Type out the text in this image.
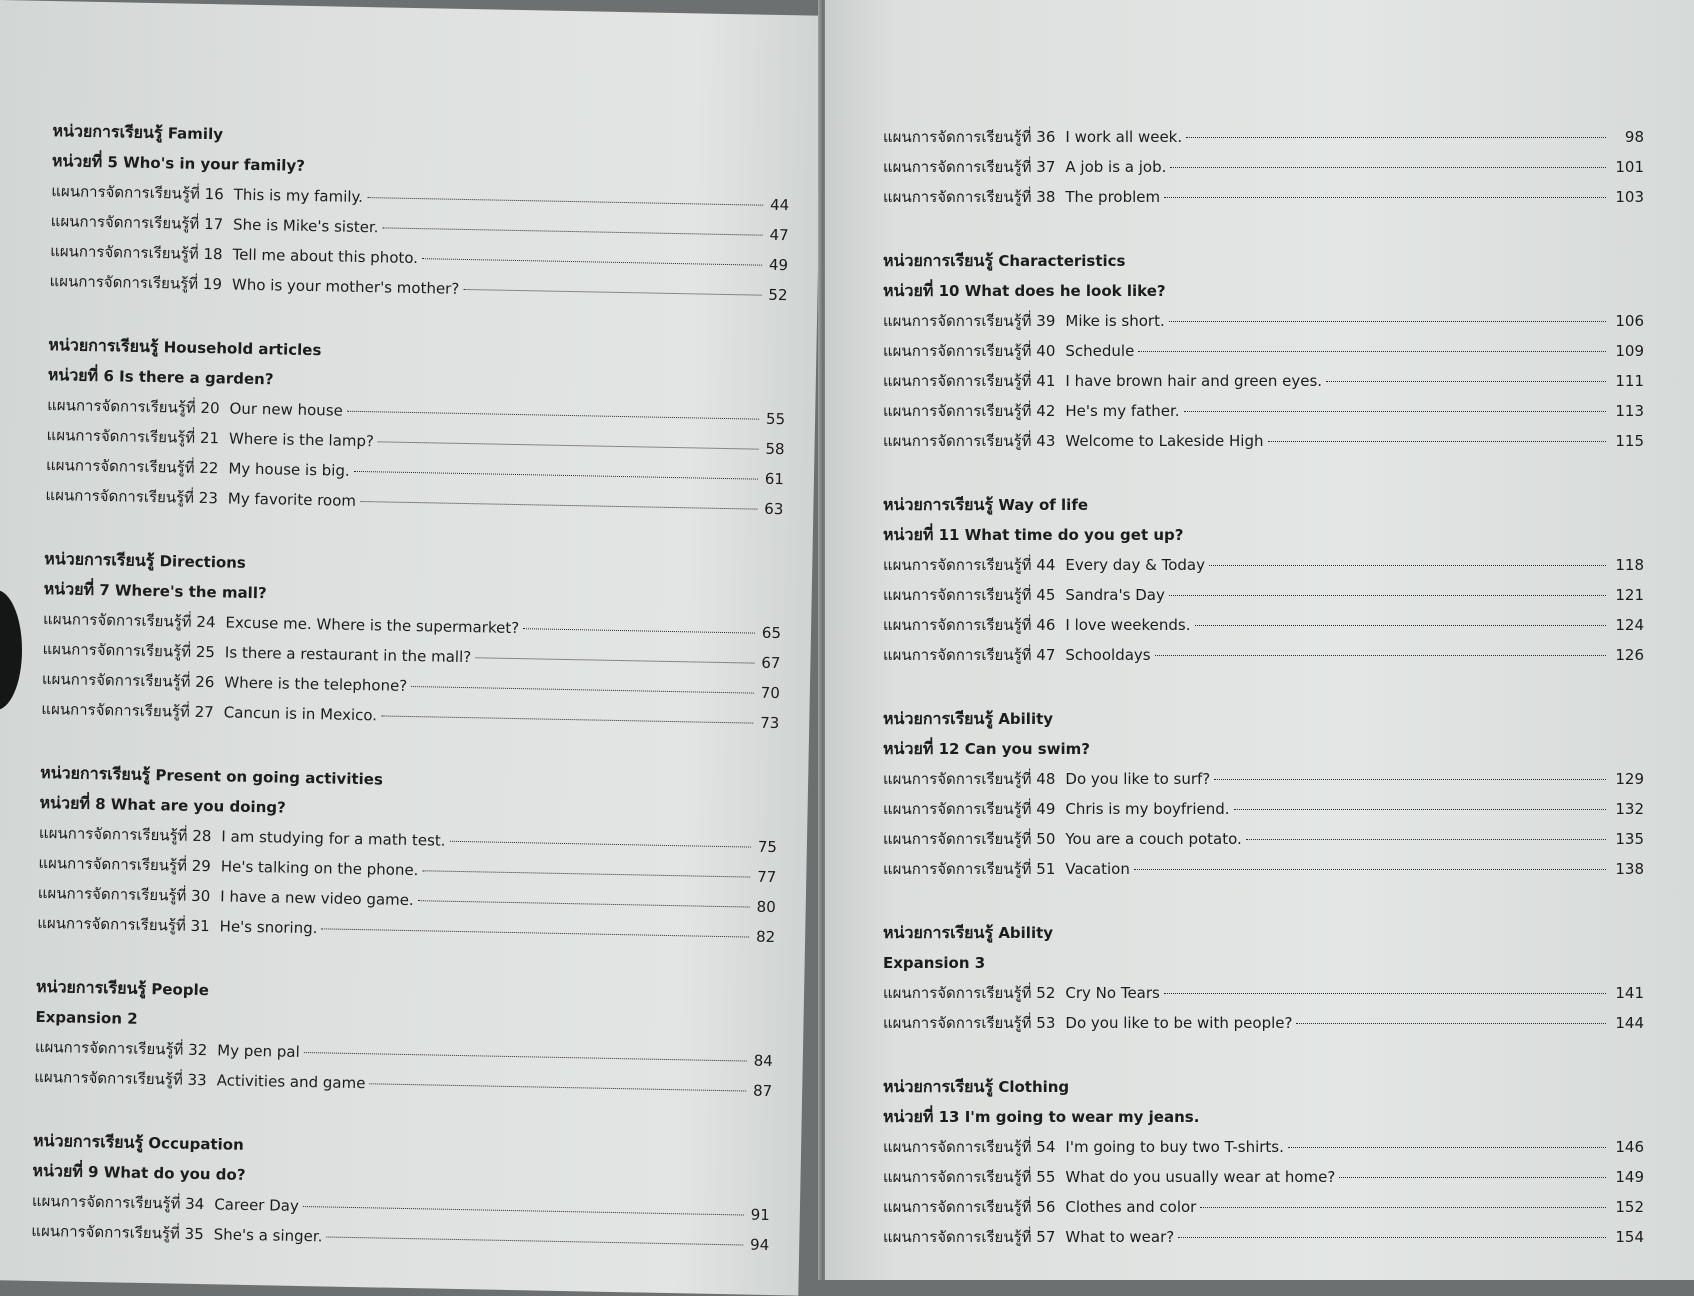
หน่วยการเรียนรู้ Family
หน่วยที่ 5 Who's in your family?
แผนการจัดการเรียนรู้ที่ 16 This is my family.	44
แผนการจัดการเรียนรู้ที่ 17 She is Mike's sister.	47
แผนการจัดการเรียนรู้ที่ 18 Tell me about this photo.	49
แผนการจัดการเรียนรู้ที่ 19 Who is your mother's mother?	52
หน่วยการเรียนรู้ Household articles
หน่วยที่ 6 Is there a garden?
แผนการจัดการเรียนรู้ที่ 20 Our new house	55
แผนการจัดการเรียนรู้ที่ 21 Where is the lamp?	58
แผนการจัดการเรียนรู้ที่ 22 My house is big.	61
แผนการจัดการเรียนรู้ที่ 23 My favorite room	63
หน่วยการเรียนรู้ Directions
หน่วยที่ 7 Where's the mall?
แผนการจัดการเรียนรู้ที่ 24 Excuse me. Where is the supermarket?	65
แผนการจัดการเรียนรู้ที่ 25 Is there a restaurant in the mall?	67
แผนการจัดการเรียนรู้ที่ 26 Where is the telephone?	70
แผนการจัดการเรียนรู้ที่ 27 Cancun is in Mexico.	73
หน่วยการเรียนรู้ Present on going activities
หน่วยที่ 8 What are you doing?
แผนการจัดการเรียนรู้ที่ 28 I am studying for a math test.	75
แผนการจัดการเรียนรู้ที่ 29 He's talking on the phone.	77
แผนการจัดการเรียนรู้ที่ 30 I have a new video game.	80
แผนการจัดการเรียนรู้ที่ 31 He's snoring.	82
หน่วยการเรียนรู้ People
Expansion 2
แผนการจัดการเรียนรู้ที่ 32 My pen pal	84
แผนการจัดการเรียนรู้ที่ 33 Activities and game	87
หน่วยการเรียนรู้ Occupation
หน่วยที่ 9 What do you do?
แผนการจัดการเรียนรู้ที่ 34 Career Day	91
แผนการจัดการเรียนรู้ที่ 35 She's a singer.	94
แผนการจัดการเรียนรู้ที่ 36 I work all week.	98
แผนการจัดการเรียนรู้ที่ 37 A job is a job.	101
แผนการจัดการเรียนรู้ที่ 38 The problem	103
หน่วยการเรียนรู้ Characteristics
หน่วยที่ 10 What does he look like?
แผนการจัดการเรียนรู้ที่ 39 Mike is short.	106
แผนการจัดการเรียนรู้ที่ 40 Schedule	109
แผนการจัดการเรียนรู้ที่ 41 I have brown hair and green eyes.	111
แผนการจัดการเรียนรู้ที่ 42 He's my father.	113
แผนการจัดการเรียนรู้ที่ 43 Welcome to Lakeside High	115
หน่วยการเรียนรู้ Way of life
หน่วยที่ 11 What time do you get up?
แผนการจัดการเรียนรู้ที่ 44 Every day & Today	118
แผนการจัดการเรียนรู้ที่ 45 Sandra's Day	121
แผนการจัดการเรียนรู้ที่ 46 I love weekends.	124
แผนการจัดการเรียนรู้ที่ 47 Schooldays	126
หน่วยการเรียนรู้ Ability
หน่วยที่ 12 Can you swim?
แผนการจัดการเรียนรู้ที่ 48 Do you like to surf?	129
แผนการจัดการเรียนรู้ที่ 49 Chris is my boyfriend.	132
แผนการจัดการเรียนรู้ที่ 50 You are a couch potato.	135
แผนการจัดการเรียนรู้ที่ 51 Vacation	138
หน่วยการเรียนรู้ Ability
Expansion 3
แผนการจัดการเรียนรู้ที่ 52 Cry No Tears	141
แผนการจัดการเรียนรู้ที่ 53 Do you like to be with people?	144
หน่วยการเรียนรู้ Clothing
หน่วยที่ 13 I'm going to wear my jeans.
แผนการจัดการเรียนรู้ที่ 54 I'm going to buy two T-shirts.	146
แผนการจัดการเรียนรู้ที่ 55 What do you usually wear at home?	149
แผนการจัดการเรียนรู้ที่ 56 Clothes and color	152
แผนการจัดการเรียนรู้ที่ 57 What to wear?	154
